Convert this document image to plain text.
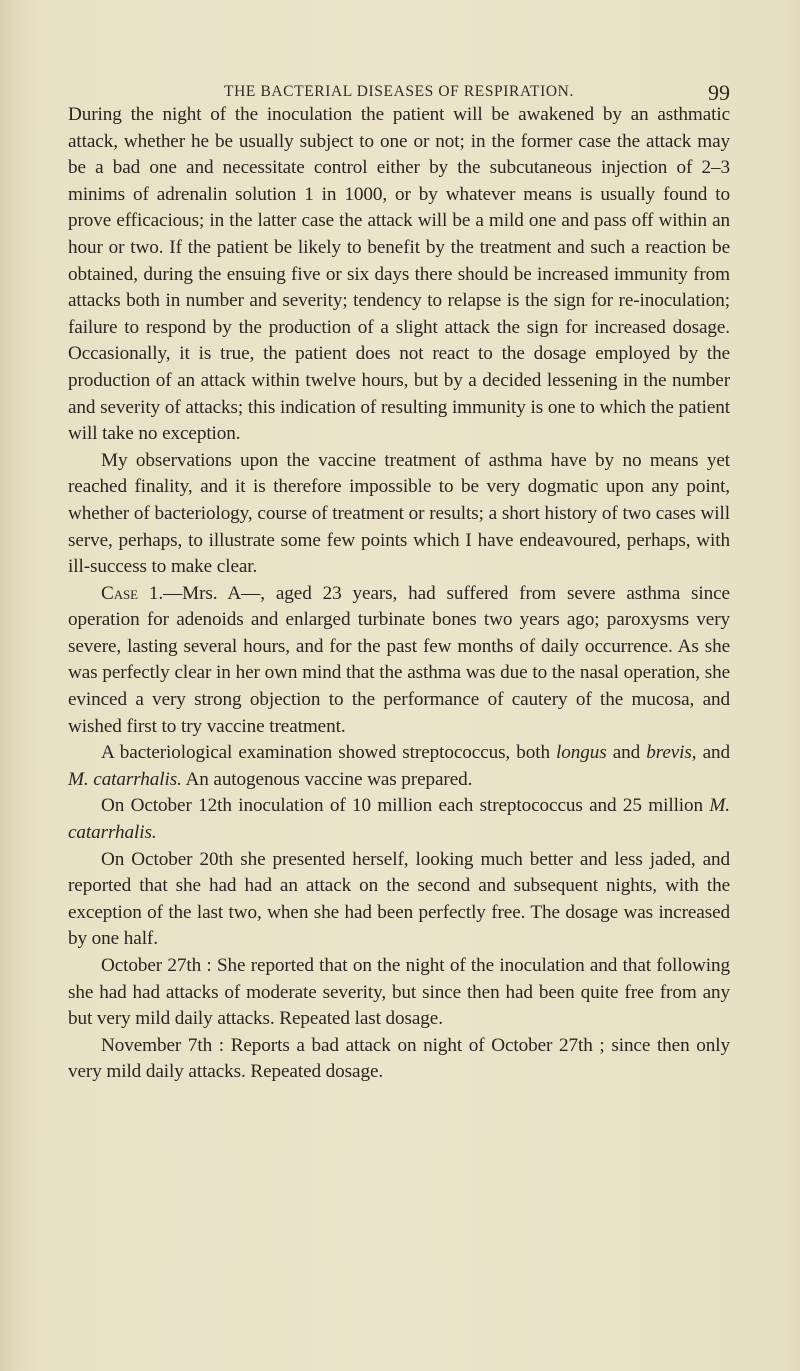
THE BACTERIAL DISEASES OF RESPIRATION.	99

During the night of the inoculation the patient will be awakened by an asthmatic attack, whether he be usually subject to one or not; in the former case the attack may be a bad one and necessitate control either by the subcutaneous injection of 2–3 minims of adrenalin solution 1 in 1000, or by whatever means is usually found to prove efficacious; in the latter case the attack will be a mild one and pass off within an hour or two. If the patient be likely to benefit by the treatment and such a reaction be obtained, during the ensuing five or six days there should be increased immunity from attacks both in number and severity; tendency to relapse is the sign for re-inoculation; failure to respond by the production of a slight attack the sign for increased dosage. Occasionally, it is true, the patient does not react to the dosage employed by the production of an attack within twelve hours, but by a decided lessening in the number and severity of attacks; this indication of resulting immunity is one to which the patient will take no exception.

My observations upon the vaccine treatment of asthma have by no means yet reached finality, and it is therefore impossible to be very dogmatic upon any point, whether of bacteriology, course of treatment or results; a short history of two cases will serve, perhaps, to illustrate some few points which I have endeavoured, perhaps, with ill-success to make clear.

Case 1.—Mrs. A—, aged 23 years, had suffered from severe asthma since operation for adenoids and enlarged turbinate bones two years ago; paroxysms very severe, lasting several hours, and for the past few months of daily occurrence. As she was perfectly clear in her own mind that the asthma was due to the nasal operation, she evinced a very strong objection to the performance of cautery of the mucosa, and wished first to try vaccine treatment.

A bacteriological examination showed streptococcus, both longus and brevis, and M. catarrhalis. An autogenous vaccine was prepared.

On October 12th inoculation of 10 million each streptococcus and 25 million M. catarrhalis.

On October 20th she presented herself, looking much better and less jaded, and reported that she had had an attack on the second and subsequent nights, with the exception of the last two, when she had been perfectly free. The dosage was increased by one half.

October 27th : She reported that on the night of the inoculation and that following she had had attacks of moderate severity, but since then had been quite free from any but very mild daily attacks. Repeated last dosage.

November 7th : Reports a bad attack on night of October 27th ; since then only very mild daily attacks. Repeated dosage.
